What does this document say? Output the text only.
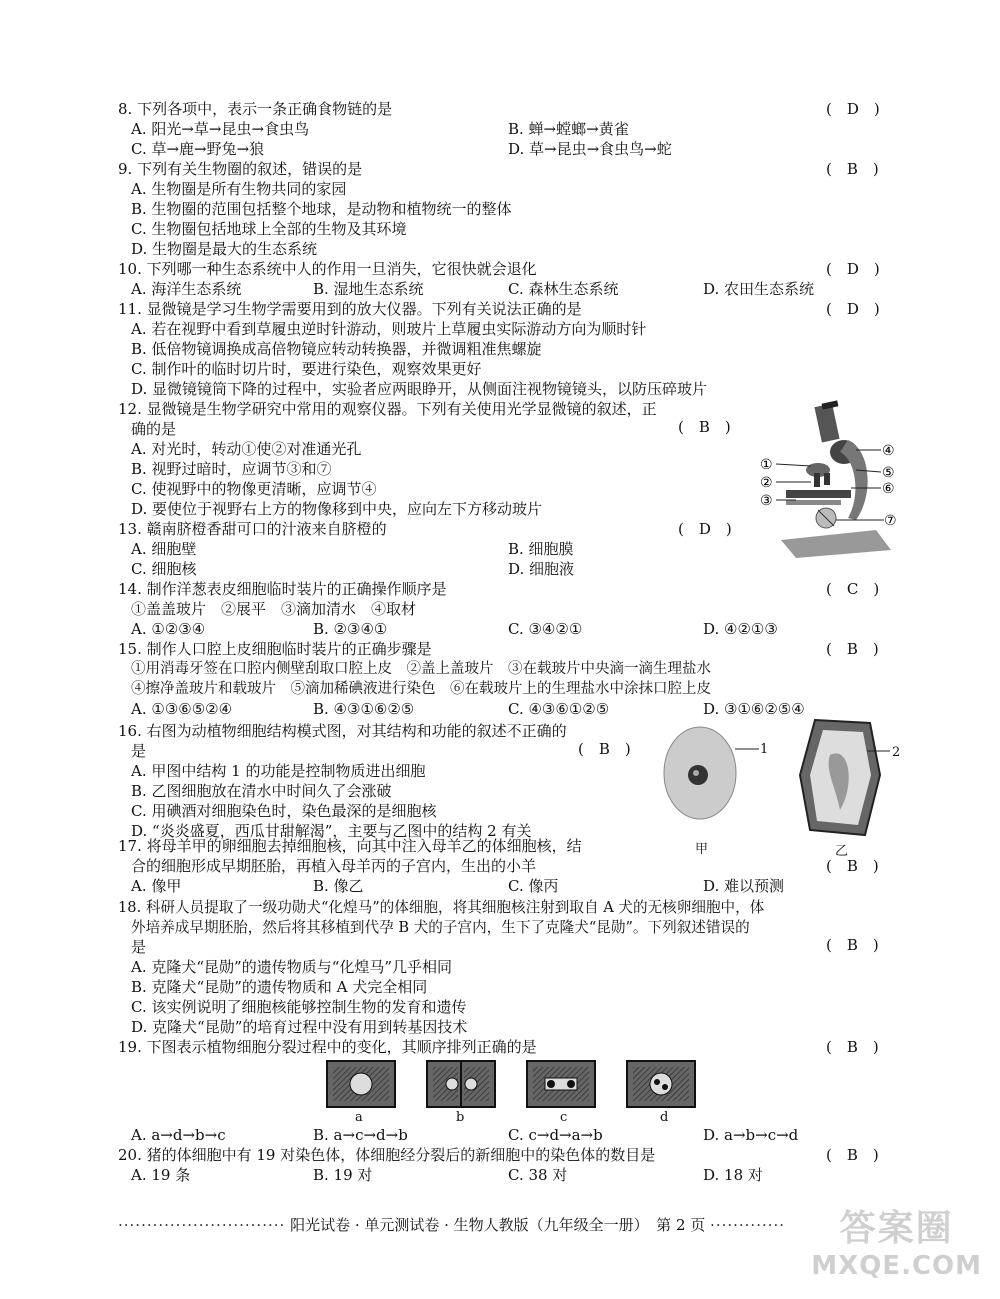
8. 下列各项中，表示一条正确食物链的是	(　D　)
A. 阳光→草→昆虫→食虫鸟	B. 蝉→螳螂→黄雀
C. 草→鹿→野兔→狼	D. 草→昆虫→食虫鸟→蛇
9. 下列有关生物圈的叙述，错误的是	(　B　)
A. 生物圈是所有生物共同的家园
B. 生物圈的范围包括整个地球，是动物和植物统一的整体
C. 生物圈包括地球上全部的生物及其环境
D. 生物圈是最大的生态系统
10. 下列哪一种生态系统中人的作用一旦消失，它很快就会退化	(　D　)
A. 海洋生态系统	B. 湿地生态系统	C. 森林生态系统	D. 农田生态系统
11. 显微镜是学习生物学需要用到的放大仪器。下列有关说法正确的是	(　D　)
A. 若在视野中看到草履虫逆时针游动，则玻片上草履虫实际游动方向为顺时针
B. 低倍物镜调换成高倍物镜应转动转换器，并微调粗准焦螺旋
C. 制作叶的临时切片时，要进行染色，观察效果更好
D. 显微镜镜筒下降的过程中，实验者应两眼睁开，从侧面注视物镜镜头，以防压碎玻片
12. 显微镜是生物学研究中常用的观察仪器。下列有关使用光学显微镜的叙述，正
确的是	(　B　)
A. 对光时，转动①使②对准通光孔
B. 视野过暗时，应调节③和⑦
C. 使视野中的物像更清晰，应调节④
D. 要使位于视野右上方的物像移到中央，应向左下方移动玻片
④
⑤
⑥
⑦
①
②
③
13. 赣南脐橙香甜可口的汁液来自脐橙的	(　D　)
A. 细胞壁	B. 细胞膜
C. 细胞核	D. 细胞液
14. 制作洋葱表皮细胞临时装片的正确操作顺序是	(　C　)
①盖盖玻片　②展平　③滴加清水　④取材
A. ①②③④	B. ②③④①	C. ③④②①	D. ④②①③
15. 制作人口腔上皮细胞临时装片的正确步骤是	(　B　)
①用消毒牙签在口腔内侧壁刮取口腔上皮　②盖上盖玻片　③在载玻片中央滴一滴生理盐水
④擦净盖玻片和载玻片　⑤滴加稀碘液进行染色　⑥在载玻片上的生理盐水中涂抹口腔上皮
A. ①③⑥⑤②④	B. ④③①⑥②⑤	C. ④③⑥①②⑤	D. ③①⑥②⑤④
16. 右图为动植物细胞结构模式图，对其结构和功能的叙述不正确的
是	(　B　)
A. 甲图中结构 1 的功能是控制物质进出细胞
B. 乙图细胞放在清水中时间久了会涨破
C. 用碘酒对细胞染色时，染色最深的是细胞核
D. “炎炎盛夏，西瓜甘甜解渴”，主要与乙图中的结构 2 有关
1	2
甲	乙
17. 将母羊甲的卵细胞去掉细胞核，向其中注入母羊乙的体细胞核，结
合的细胞形成早期胚胎，再植入母羊丙的子宫内，生出的小羊	(　B　)
A. 像甲	B. 像乙	C. 像丙	D. 难以预测
18. 科研人员提取了一级功勋犬“化煌马”的体细胞，将其细胞核注射到取自 A 犬的无核卵细胞中，体
外培养成早期胚胎，然后将其移植到代孕 B 犬的子宫内，生下了克隆犬“昆勋”。下列叙述错误的
是	(　B　)
A. 克隆犬“昆勋”的遗传物质与“化煌马”几乎相同
B. 克隆犬“昆勋”的遗传物质和 A 犬完全相同
C. 该实例说明了细胞核能够控制生物的发育和遗传
D. 克隆犬“昆勋”的培育过程中没有用到转基因技术
19. 下图表示植物细胞分裂过程中的变化，其顺序排列正确的是	(　B　)
a	b	c	d
A. a→d→b→c	B. a→c→d→b	C. c→d→a→b	D. a→b→c→d
20. 猪的体细胞中有 19 对染色体，体细胞经分裂后的新细胞中的染色体的数目是	(　B　)
A. 19 条	B. 19 对	C. 38 对	D. 18 对
····························· 阳光试卷 · 单元测试卷 · 生物人教版（九年级全一册）　第 2 页 ·············	答案圈
MXQE.COM
